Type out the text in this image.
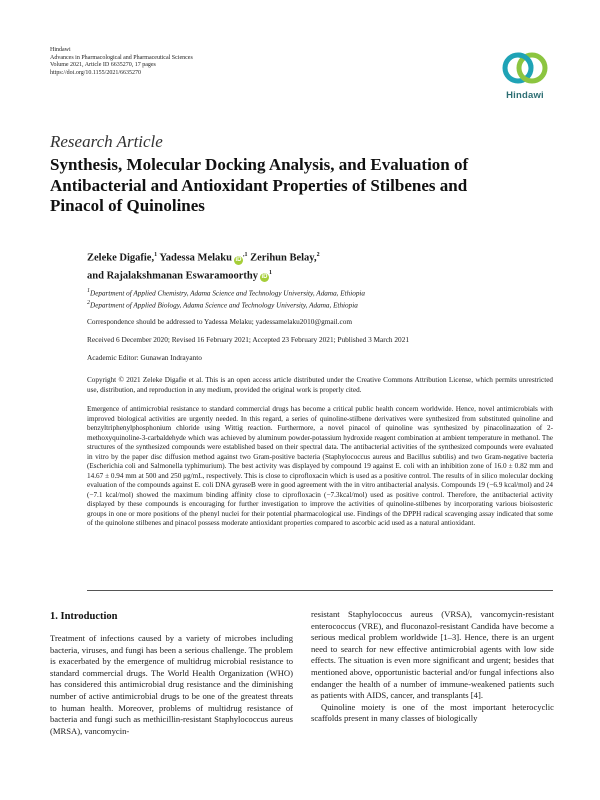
Hindawi
Advances in Pharmacological and Pharmaceutical Sciences
Volume 2021, Article ID 6635270, 17 pages
https://doi.org/10.1155/2021/6635270
Hindawi
Research Article
Synthesis, Molecular Docking Analysis, and Evaluation of Antibacterial and Antioxidant Properties of Stilbenes and Pinacol of Quinolines
Zeleke Digafie,$^1$ Yadessa Melaku $iD^{,1}$ Zerihun Belay,$^2$
and Rajalakshmanan Eswaramoorthy $iD^1$
$^1$Department of Applied Chemistry, Adama Science and Technology University, Adama, Ethiopia
$^2$Department of Applied Biology, Adama Science and Technology University, Adama, Ethiopia
Correspondence should be addressed to Yadessa Melaku; yadessamelaku2010@gmail.com
Received 6 December 2020; Revised 16 February 2021; Accepted 23 February 2021; Published 3 March 2021
Academic Editor: Gunawan Indrayanto
Copyright © 2021 Zeleke Digafie et al. This is an open access article distributed under the Creative Commons Attribution License, which permits unrestricted use, distribution, and reproduction in any medium, provided the original work is properly cited.
Emergence of antimicrobial resistance to standard commercial drugs has become a critical public health concern worldwide. Hence, novel antimicrobials with improved biological activities are urgently needed. In this regard, a series of quinoline-stilbene derivatives were synthesized from substituted quinoline and benzyltriphenylphosphonium chloride using Wittig reaction. Furthermore, a novel pinacol of quinoline was synthesized by pinacolinazation of 2-methoxyquinoline-3-carbaldehyde which was achieved by aluminum powder-potassium hydroxide reagent combination at ambient temperature in methanol. The structures of the synthesized compounds were established based on their spectral data. The antibacterial activities of the synthesized compounds were evaluated in vitro by the paper disc diffusion method against two Gram-positive bacteria (Staphylococcus aureus and Bacillus subtilis) and two Gram-negative bacteria (Escherichia coli and Salmonella typhimurium). The best activity was displayed by compound 19 against E. coli with an inhibition zone of 16.0 ± 0.82 mm and 14.67 ± 0.94 mm at 500 and 250 μg/mL, respectively. This is close to ciprofloxacin which is used as a positive control. The results of in silico molecular docking evaluation of the compounds against E. coli DNA gyraseB were in good agreement with the in vitro antibacterial analysis. Compounds 19 (−6.9 kcal/mol) and 24 (−7.1 kcal/mol) showed the maximum binding affinity close to ciprofloxacin (−7.3kcal/mol) used as positive control. Therefore, the antibacterial activity displayed by these compounds is encouraging for further investigation to improve the activities of quinoline-stilbenes by incorporating various bioisosteric groups in one or more positions of the phenyl nuclei for their potential pharmacological use. Findings of the DPPH radical scavenging assay indicated that some of the quinolone stilbenes and pinacol possess moderate antioxidant properties compared to ascorbic acid used as a natural antioxidant.
1. Introduction
Treatment of infections caused by a variety of microbes including bacteria, viruses, and fungi has been a serious challenge. The problem is exacerbated by the emergence of multidrug microbial resistance to standard commercial drugs. The World Health Organization (WHO) has considered this antimicrobial drug resistance and the diminishing number of active antimicrobial drugs to be one of the greatest threats to human health. Moreover, problems of multidrug resistance of bacteria and fungi such as methicillin-resistant Staphylococcus aureus (MRSA), vancomycin-
resistant Staphylococcus aureus (VRSA), vancomycin-resistant enterococcus (VRE), and fluconazol-resistant Candida have become a serious medical problem worldwide [1–3]. Hence, there is an urgent need to search for new effective antimicrobial agents with low side effects. The situation is even more significant and urgent; besides that mentioned above, opportunistic bacterial and/or fungal infections also endanger the health of a number of immune-weakened patients such as patients with AIDS, cancer, and transplants [4].
Quinoline moiety is one of the most important heterocyclic scaffolds present in many classes of biologically
